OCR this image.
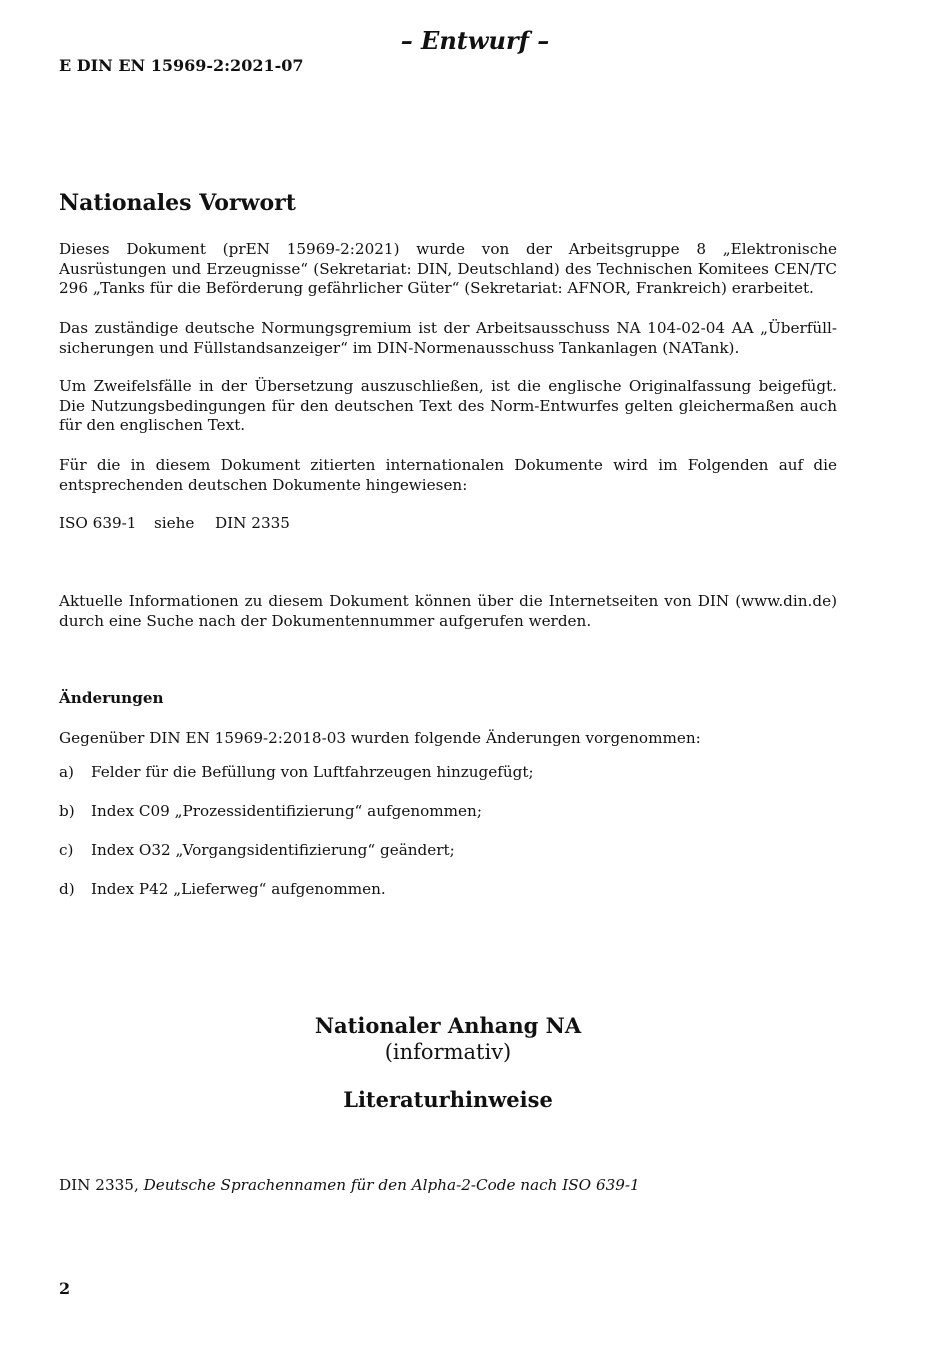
– Entwurf –
E DIN EN 15969-2:2021-07
Nationales Vorwort
Dieses Dokument (prEN 15969-2:2021) wurde von der Arbeitsgruppe 8 „Elektronische Ausrüstungen und Erzeugnisse“ (Sekretariat: DIN, Deutschland) des Technischen Komitees CEN/TC 296 „Tanks für die Beförderung gefährlicher Güter“ (Sekretariat: AFNOR, Frankreich) erarbeitet.
Das zuständige deutsche Normungsgremium ist der Arbeitsausschuss NA 104-02-04 AA „Überfüllsicherungen und Füllstandsanzeiger“ im DIN-Normenausschuss Tankanlagen (NATank).
Um Zweifelsfälle in der Übersetzung auszuschließen, ist die englische Originalfassung beigefügt. Die Nutzungsbedingungen für den deutschen Text des Norm-Entwurfes gelten gleichermaßen auch für den englischen Text.
Für die in diesem Dokument zitierten internationalen Dokumente wird im Folgenden auf die entsprechenden deutschen Dokumente hingewiesen:
ISO 639-1 siehe DIN 2335
Aktuelle Informationen zu diesem Dokument können über die Internetseiten von DIN (www.din.de) durch eine Suche nach der Dokumentennummer aufgerufen werden.
Änderungen
Gegenüber DIN EN 15969-2:2018-03 wurden folgende Änderungen vorgenommen:
a) Felder für die Befüllung von Luftfahrzeugen hinzugefügt;
b) Index C09 „Prozessidentifizierung“ aufgenommen;
c) Index O32 „Vorgangsidentifizierung“ geändert;
d) Index P42 „Lieferweg“ aufgenommen.
Nationaler Anhang NA
(informativ)
Literaturhinweise
DIN 2335, Deutsche Sprachennamen für den Alpha-2-Code nach ISO 639-1
2
